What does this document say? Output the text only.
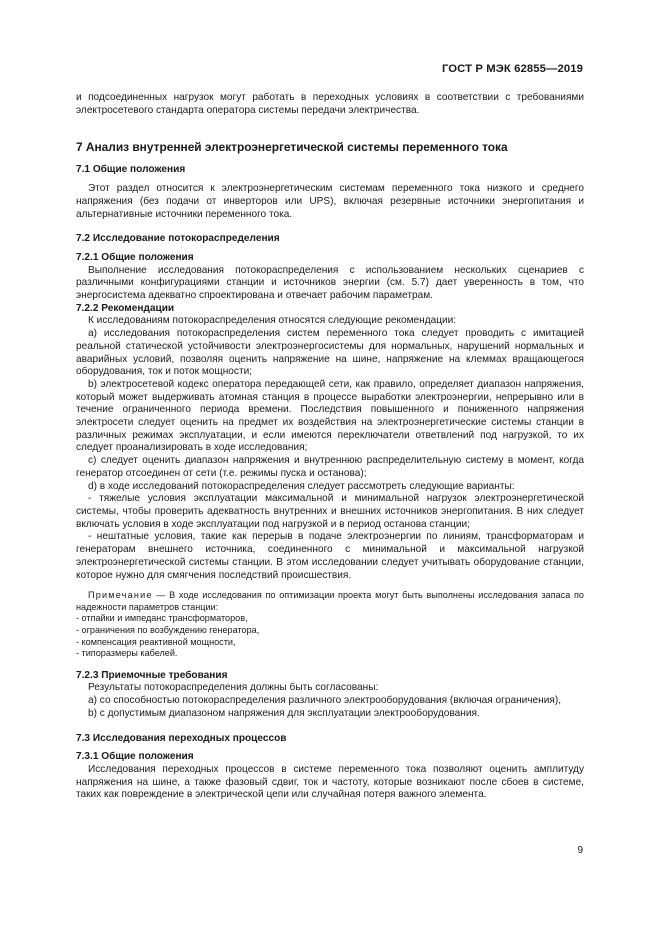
ГОСТ Р МЭК 62855—2019

и подсоединенных нагрузок могут работать в переходных условиях в соответствии с требованиями электросетевого стандарта оператора системы передачи электричества.

7 Анализ внутренней электроэнергетической системы переменного тока
7.1 Общие положения

Этот раздел относится к электроэнергетическим системам переменного тока низкого и среднего напряжения (без подачи от инверторов или UPS), включая резервные источники энергопитания и альтернативные источники переменного тока.

7.2 Исследование потокораспределения
7.2.1 Общие положения

Выполнение исследования потокораспределения с использованием нескольких сценариев с различными конфигурациями станции и источников энергии (см. 5.7) дает уверенность в том, что энергосистема адекватно спроектирована и отвечает рабочим параметрам.

7.2.2 Рекомендации

К исследованиям потокораспределения относятся следующие рекомендации:

а) исследования потокораспределения систем переменного тока следует проводить с имитацией реальной статической устойчивости электроэнергосистемы для нормальных, нарушений нормальных и аварийных условий, позволяя оценить напряжение на шине, напряжение на клеммах вращающегося оборудования, ток и поток мощности;

b) электросетевой кодекс оператора передающей сети, как правило, определяет диапазон напряжения, который может выдерживать атомная станция в процессе выработки электроэнергии, непрерывно или в течение ограниченного периода времени. Последствия повышенного и пониженного напряжения электросети следует оценить на предмет их воздействия на электроэнергетические системы станции в различных режимах эксплуатации, и если имеются переключатели ответвлений под нагрузкой, то их следует проанализировать в ходе исследования;

c) следует оценить диапазон напряжения и внутреннюю распределительную систему в момент, когда генератор отсоединен от сети (т.е. режимы пуска и останова);

d) в ходе исследований потокораспределения следует рассмотреть следующие варианты:

- тяжелые условия эксплуатации максимальной и минимальной нагрузок электроэнергетической системы, чтобы проверить адекватность внутренних и внешних источников энергопитания. В них следует включать условия в ходе эксплуатации под нагрузкой и в период останова станции;

- нештатные условия, такие как перерыв в подаче электроэнергии по линиям, трансформаторам и генераторам внешнего источника, соединенного с минимальной и максимальной нагрузкой электроэнергетической системы станции. В этом исследовании следует учитывать оборудование станции, которое нужно для смягчения последствий происшествия.

Примечание — В ходе исследования по оптимизации проекта могут быть выполнены исследования запаса по надежности параметров станции:

- отпайки и импеданс трансформаторов,
- ограничения по возбуждению генератора,
- компенсация реактивной мощности,
- типоразмеры кабелей.
7.2.3 Приемочные требования

Результаты потокораспределения должны быть согласованы:

а) со способностью потокораспределения различного электрооборудования (включая ограничения),

b) с допустимым диапазоном напряжения для эксплуатации электрооборудования.

7.3 Исследования переходных процессов
7.3.1 Общие положения

Исследования переходных процессов в системе переменного тока позволяют оценить амплитуду напряжения на шине, а также фазовый сдвиг, ток и частоту, которые возникают после сбоев в системе, таких как повреждение в электрической цепи или случайная потеря важного элемента.

9
